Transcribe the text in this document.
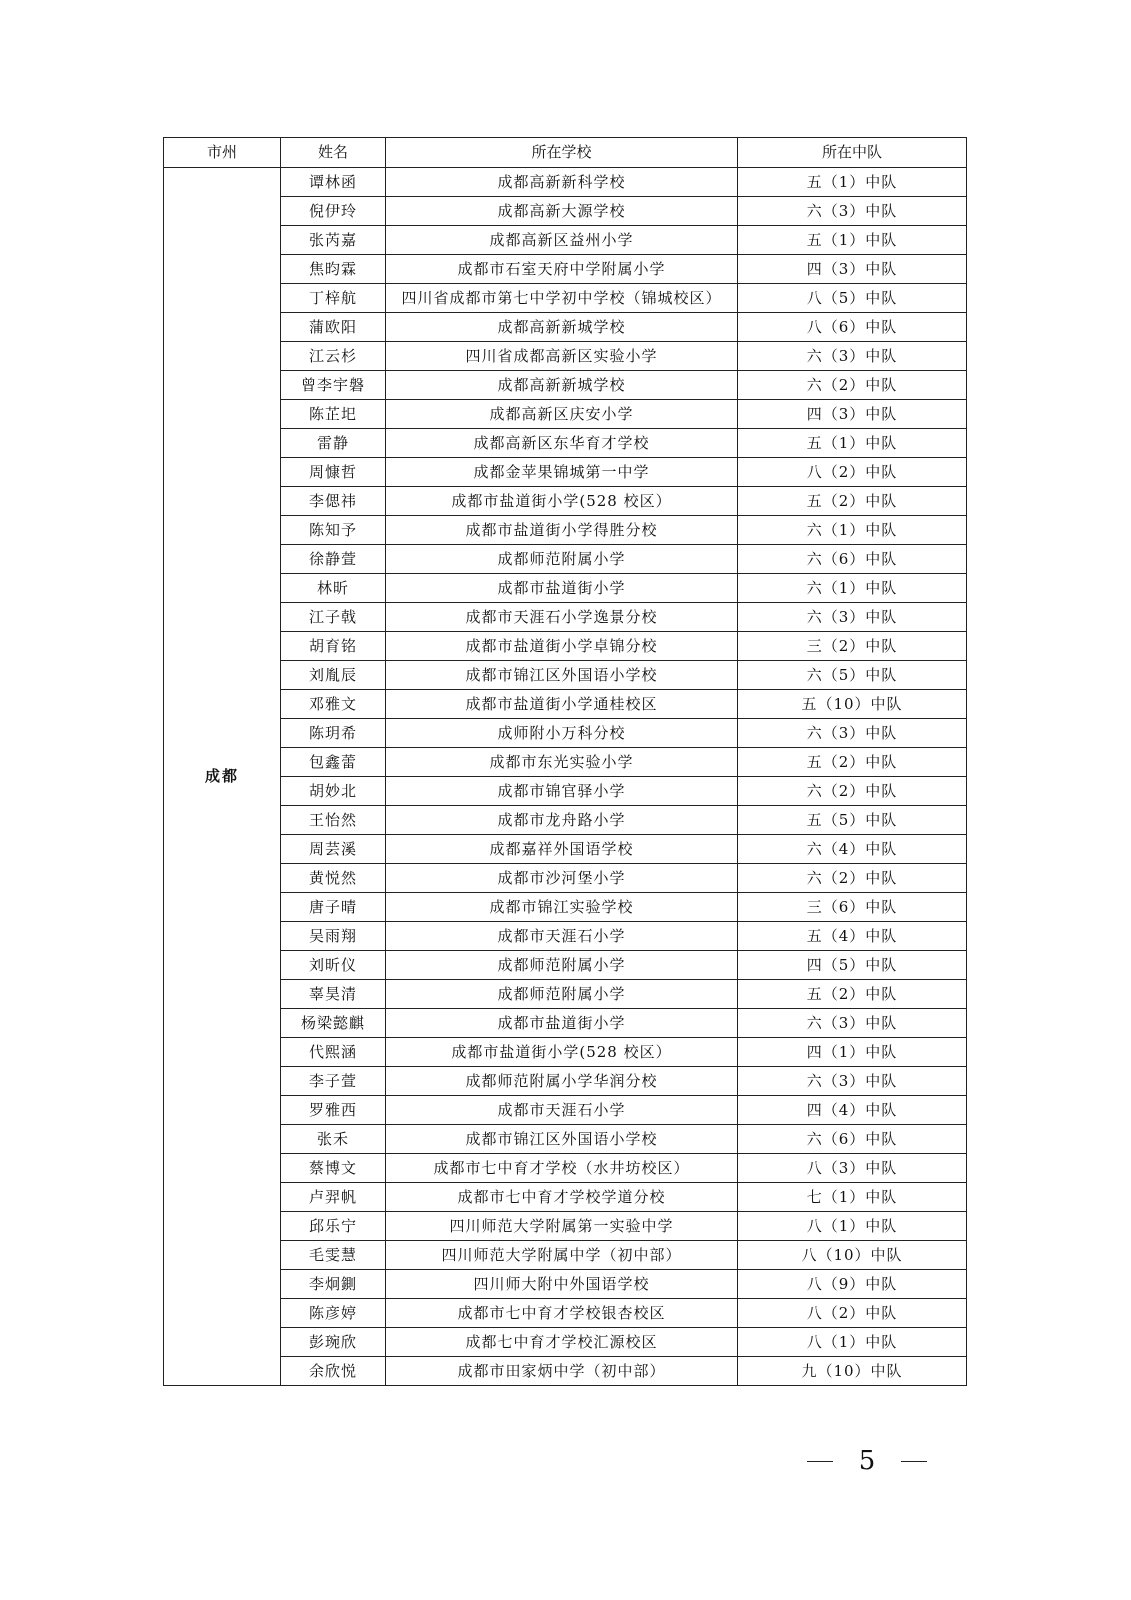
市州	姓名	所在学校	所在中队
成都	谭林函	成都高新新科学校	五（1）中队
	倪伊玲	成都高新大源学校	六（3）中队
	张芮嘉	成都高新区益州小学	五（1）中队
	焦昀霖	成都市石室天府中学附属小学	四（3）中队
	丁梓航	四川省成都市第七中学初中学校（锦城校区）	八（5）中队
	蒲欧阳	成都高新新城学校	八（6）中队
	江云杉	四川省成都高新区实验小学	六（3）中队
	曾李宇磐	成都高新新城学校	六（2）中队
	陈芷圯	成都高新区庆安小学	四（3）中队
	雷静	成都高新区东华育才学校	五（1）中队
	周慷哲	成都金苹果锦城第一中学	八（2）中队
	李偲祎	成都市盐道街小学(528 校区）	五（2）中队
	陈知予	成都市盐道街小学得胜分校	六（1）中队
	徐静萱	成都师范附属小学	六（6）中队
	林昕	成都市盐道街小学	六（1）中队
	江子戟	成都市天涯石小学逸景分校	六（3）中队
	胡育铭	成都市盐道街小学卓锦分校	三（2）中队
	刘胤辰	成都市锦江区外国语小学校	六（5）中队
	邓雅文	成都市盐道街小学通桂校区	五（10）中队
	陈玥希	成师附小万科分校	六（3）中队
	包鑫蕾	成都市东光实验小学	五（2）中队
	胡妙北	成都市锦官驿小学	六（2）中队
	王怡然	成都市龙舟路小学	五（5）中队
	周芸溪	成都嘉祥外国语学校	六（4）中队
	黄悦然	成都市沙河堡小学	六（2）中队
	唐子晴	成都市锦江实验学校	三（6）中队
	吴雨翔	成都市天涯石小学	五（4）中队
	刘昕仪	成都师范附属小学	四（5）中队
	辜昊清	成都师范附属小学	五（2）中队
	杨梁懿麒	成都市盐道街小学	六（3）中队
	代熙涵	成都市盐道街小学(528 校区）	四（1）中队
	李子萱	成都师范附属小学华润分校	六（3）中队
	罗雅西	成都市天涯石小学	四（4）中队
	张禾	成都市锦江区外国语小学校	六（6）中队
	蔡博文	成都市七中育才学校（水井坊校区）	八（3）中队
	卢羿帆	成都市七中育才学校学道分校	七（1）中队
	邱乐宁	四川师范大学附属第一实验中学	八（1）中队
	毛雯慧	四川师范大学附属中学（初中部）	八（10）中队
	李炯鍘	四川师大附中外国语学校	八（9）中队
	陈彦婷	成都市七中育才学校银杏校区	八（2）中队
	彭琬欣	成都七中育才学校汇源校区	八（1）中队
	余欣悦	成都市田家炳中学（初中部）	九（10）中队
5
